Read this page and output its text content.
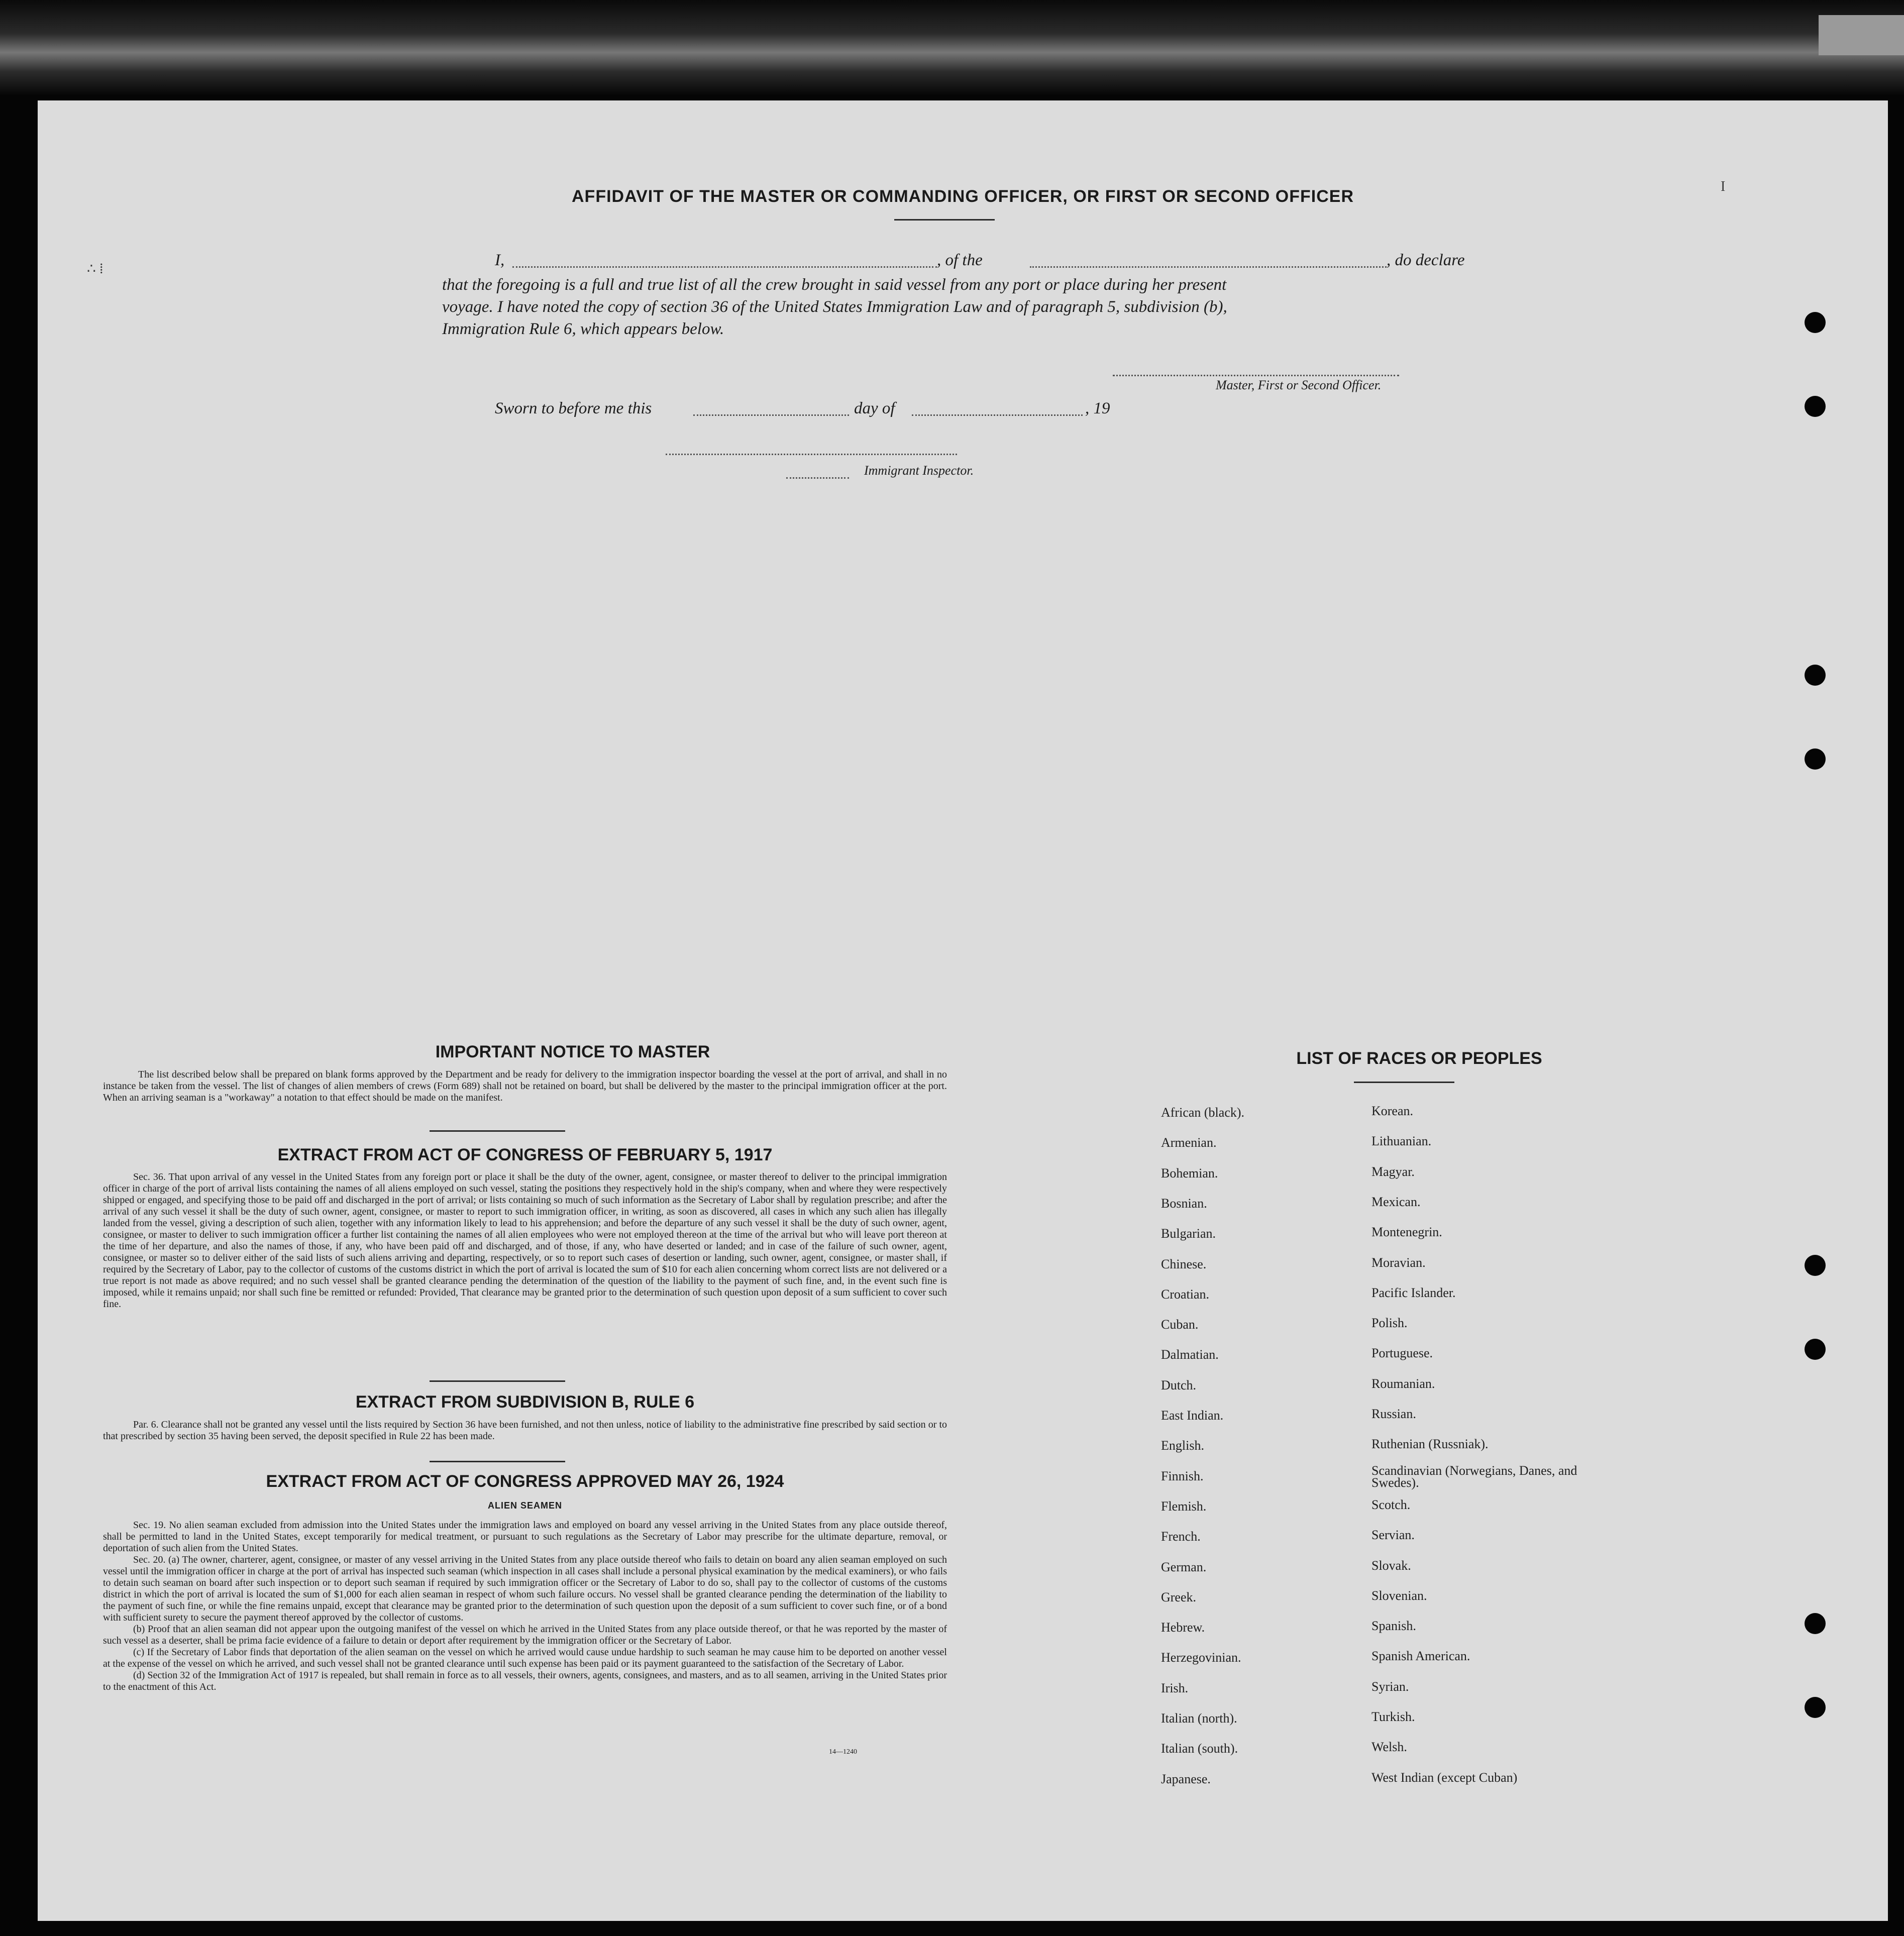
AFFIDAVIT OF THE MASTER OR COMMANDING OFFICER, OR FIRST OR SECOND OFFICER
I,	, of the	, do declare
that the foregoing is a full and true list of all the crew brought in said vessel from any port or place during her present
voyage. I have noted the copy of section 36 of the United States Immigration Law and of paragraph 5, subdivision (b),
Immigration Rule 6, which appears below.
Master, First or Second Officer.
Sworn to before me this	day of	, 19
Immigrant Inspector.
IMPORTANT NOTICE TO MASTER

The list described below shall be prepared on blank forms approved by the Department and be ready for delivery to the immigration inspector boarding the vessel at the port of arrival, and shall in no instance be taken from the vessel. The list of changes of alien members of crews (Form 689) shall not be retained on board, but shall be delivered by the master to the principal immigration officer at the port. When an arriving seaman is a "workaway" a notation to that effect should be made on the manifest.

EXTRACT FROM ACT OF CONGRESS OF FEBRUARY 5, 1917

Sec. 36. That upon arrival of any vessel in the United States from any foreign port or place it shall be the duty of the owner, agent, consignee, or master thereof to deliver to the principal immigration officer in charge of the port of arrival lists containing the names of all aliens employed on such vessel, stating the positions they respectively hold in the ship's company, when and where they were respectively shipped or engaged, and specifying those to be paid off and discharged in the port of arrival; or lists containing so much of such information as the Secretary of Labor shall by regulation prescribe; and after the arrival of any such vessel it shall be the duty of such owner, agent, consignee, or master to report to such immigration officer, in writing, as soon as discovered, all cases in which any such alien has illegally landed from the vessel, giving a description of such alien, together with any information likely to lead to his apprehension; and before the departure of any such vessel it shall be the duty of such owner, agent, consignee, or master to deliver to such immigration officer a further list containing the names of all alien employees who were not employed thereon at the time of the arrival but who will leave port thereon at the time of her departure, and also the names of those, if any, who have been paid off and discharged, and of those, if any, who have deserted or landed; and in case of the failure of such owner, agent, consignee, or master so to deliver either of the said lists of such aliens arriving and departing, respectively, or so to report such cases of desertion or landing, such owner, agent, consignee, or master shall, if required by the Secretary of Labor, pay to the collector of customs of the customs district in which the port of arrival is located the sum of $10 for each alien concerning whom correct lists are not delivered or a true report is not made as above required; and no such vessel shall be granted clearance pending the determination of the question of the liability to the payment of such fine, and, in the event such fine is imposed, while it remains unpaid; nor shall such fine be remitted or refunded: Provided, That clearance may be granted prior to the determination of such question upon deposit of a sum sufficient to cover such fine.

EXTRACT FROM SUBDIVISION B, RULE 6

Par. 6. Clearance shall not be granted any vessel until the lists required by Section 36 have been furnished, and not then unless, notice of liability to the administrative fine prescribed by said section or to that prescribed by section 35 having been served, the deposit specified in Rule 22 has been made.

EXTRACT FROM ACT OF CONGRESS APPROVED MAY 26, 1924
ALIEN SEAMEN

Sec. 19. No alien seaman excluded from admission into the United States under the immigration laws and employed on board any vessel arriving in the United States from any place outside thereof, shall be permitted to land in the United States, except temporarily for medical treatment, or pursuant to such regulations as the Secretary of Labor may prescribe for the ultimate departure, removal, or deportation of such alien from the United States.

Sec. 20. (a) The owner, charterer, agent, consignee, or master of any vessel arriving in the United States from any place outside thereof who fails to detain on board any alien seaman employed on such vessel until the immigration officer in charge at the port of arrival has inspected such seaman (which inspection in all cases shall include a personal physical examination by the medical examiners), or who fails to detain such seaman on board after such inspection or to deport such seaman if required by such immigration officer or the Secretary of Labor to do so, shall pay to the collector of customs of the customs district in which the port of arrival is located the sum of $1,000 for each alien seaman in respect of whom such failure occurs. No vessel shall be granted clearance pending the determination of the liability to the payment of such fine, or while the fine remains unpaid, except that clearance may be granted prior to the determination of such question upon the deposit of a sum sufficient to cover such fine, or of a bond with sufficient surety to secure the payment thereof approved by the collector of customs.

(b) Proof that an alien seaman did not appear upon the outgoing manifest of the vessel on which he arrived in the United States from any place outside thereof, or that he was reported by the master of such vessel as a deserter, shall be prima facie evidence of a failure to detain or deport after requirement by the immigration officer or the Secretary of Labor.

(c) If the Secretary of Labor finds that deportation of the alien seaman on the vessel on which he arrived would cause undue hardship to such seaman he may cause him to be deported on another vessel at the expense of the vessel on which he arrived, and such vessel shall not be granted clearance until such expense has been paid or its payment guaranteed to the satisfaction of the Secretary of Labor.

(d) Section 32 of the Immigration Act of 1917 is repealed, but shall remain in force as to all vessels, their owners, agents, consignees, and masters, and as to all seamen, arriving in the United States prior to the enactment of this Act.

14—1240
LIST OF RACES OR PEOPLES
African (black).
Armenian.
Bohemian.
Bosnian.
Bulgarian.
Chinese.
Croatian.
Cuban.
Dalmatian.
Dutch.
East Indian.
English.
Finnish.
Flemish.
French.
German.
Greek.
Hebrew.
Herzegovinian.
Irish.
Italian (north).
Italian (south).
Japanese.
Korean.
Lithuanian.
Magyar.
Mexican.
Montenegrin.
Moravian.
Pacific Islander.
Polish.
Portuguese.
Roumanian.
Russian.
Ruthenian (Russniak).
Scandinavian (Norwegians, Danes, and Swedes).
Scotch.
Servian.
Slovak.
Slovenian.
Spanish.
Spanish American.
Syrian.
Turkish.
Welsh.
West Indian (except Cuban)
∴ ⁞
I
